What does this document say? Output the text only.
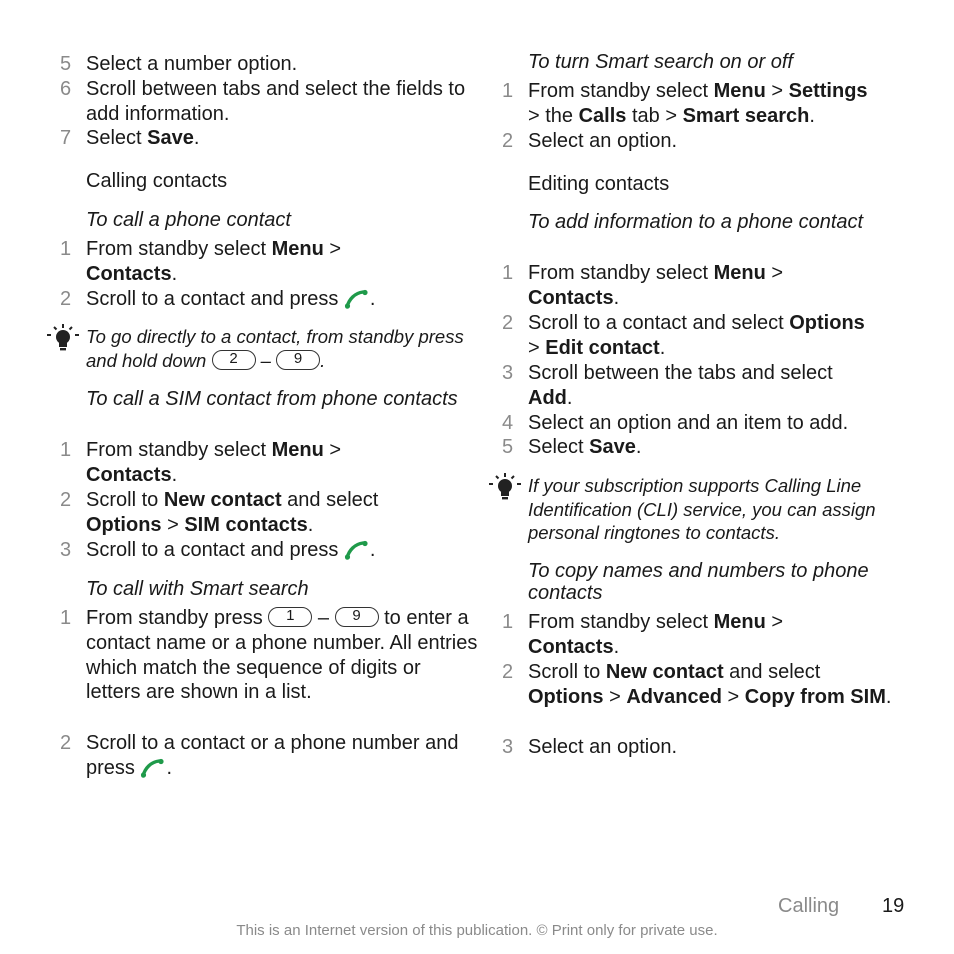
5 Select a number option.
6 Scroll between tabs and select the fields to add information.
7 Select Save.
Calling contacts
To call a phone contact
1 From standby select Menu >
Contacts.
2 Scroll to a contact and press .
To go directly to a contact, from standby press and hold down	2 –	9 .
To call a SIM contact from phone contacts
1 From standby select Menu >
Contacts.
2 Scroll to New contact and select
Options > SIM contacts.
3 Scroll to a contact and press .
To call with Smart search
1 From standby press	1 –	9 to enter a contact name or a phone number. All entries which match the sequence of digits or letters are shown in a list.
2 Scroll to a contact or a phone number and press .
To turn Smart search on or off
1 From standby select Menu > Settings
> the Calls tab > Smart search.
2 Select an option.
Editing contacts
To add information to a phone contact
1 From standby select Menu >
Contacts.
2 Scroll to a contact and select Options
> Edit contact.
3 Scroll between the tabs and select
Add.
4 Select an option and an item to add.
5 Select Save.
If your subscription supports Calling Line Identification (CLI) service, you can assign personal ringtones to contacts.
To copy names and numbers to phone contacts
1 From standby select Menu >
Contacts.
2 Scroll to New contact and select
Options > Advanced > Copy from SIM.
3 Select an option.
Calling 19
This is an Internet version of this publication. © Print only for private use.
